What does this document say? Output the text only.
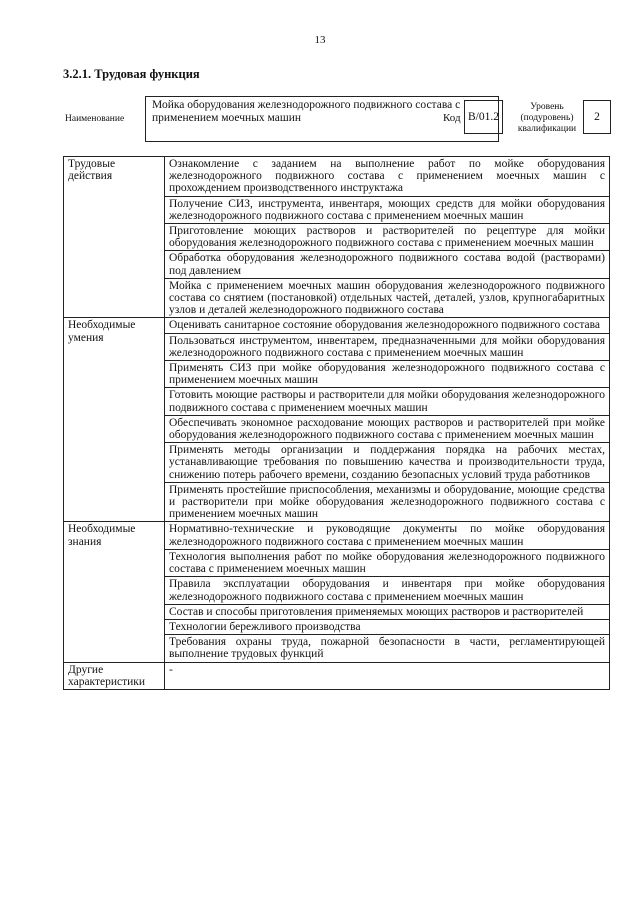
13
3.2.1. Трудовая функция
Наименование
Мойка оборудования железнодорожного подвижного состава с применением моечных машин	Код B/01.2
Уровень (подуровень) квалификации
2
Трудовые действия	Ознакомление с заданием на выполнение работ по мойке оборудования железнодорожного подвижного состава с применением моечных машин с прохождением производственного инструктажа
	Получение СИЗ, инструмента, инвентаря, моющих средств для мойки оборудования железнодорожного подвижного состава с применением моечных машин
	Приготовление моющих растворов и растворителей по рецептуре для мойки оборудования железнодорожного подвижного состава с применением моечных машин
	Обработка оборудования железнодорожного подвижного состава водой (растворами) под давлением
	Мойка с применением моечных машин оборудования железнодорожного подвижного состава со снятием (постановкой) отдельных частей, деталей, узлов, крупногабаритных узлов и деталей железнодорожного подвижного состава
Необходимые умения	Оценивать санитарное состояние оборудования железнодорожного подвижного состава
	Пользоваться инструментом, инвентарем, предназначенными для мойки оборудования железнодорожного подвижного состава с применением моечных машин
	Применять СИЗ при мойке оборудования железнодорожного подвижного состава с применением моечных машин
	Готовить моющие растворы и растворители для мойки оборудования железнодорожного подвижного состава с применением моечных машин
	Обеспечивать экономное расходование моющих растворов и растворителей при мойке оборудования железнодорожного подвижного состава с применением моечных машин
	Применять методы организации и поддержания порядка на рабочих местах, устанавливающие требования по повышению качества и производительности труда, снижению потерь рабочего времени, созданию безопасных условий труда работников
	Применять простейшие приспособления, механизмы и оборудование, моющие средства и растворители при мойке оборудования железнодорожного подвижного состава с применением моечных машин
Необходимые знания	Нормативно-технические и руководящие документы по мойке оборудования железнодорожного подвижного состава с применением моечных машин
	Технология выполнения работ по мойке оборудования железнодорожного подвижного состава с применением моечных машин
	Правила эксплуатации оборудования и инвентаря при мойке оборудования железнодорожного подвижного состава с применением моечных машин
	Состав и способы приготовления применяемых моющих растворов и растворителей
	Технологии бережливого производства
	Требования охраны труда, пожарной безопасности в части, регламентирующей выполнение трудовых функций
Другие характеристики	-
